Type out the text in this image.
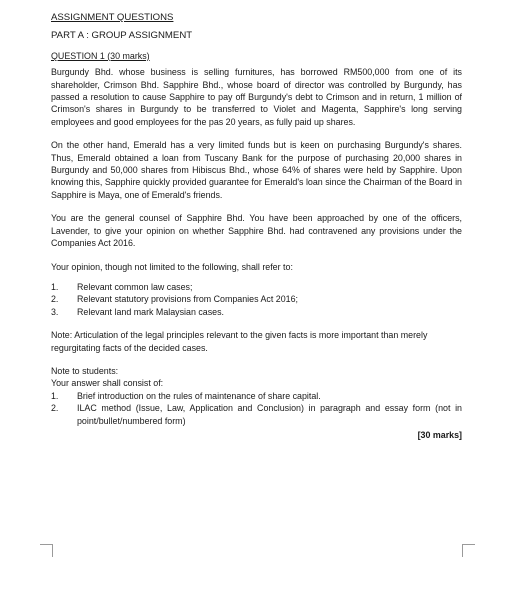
ASSIGNMENT QUESTIONS

PART A : GROUP ASSIGNMENT

QUESTION 1 (30 marks)

Burgundy Bhd. whose business is selling furnitures, has borrowed RM500,000 from one of its shareholder, Crimson Bhd. Sapphire Bhd., whose board of director was controlled by Burgundy, has passed a resolution to cause Sapphire to pay off Burgundy's debt to Crimson and in return, 1 million of Crimson's shares in Burgundy to be transferred to Violet and Magenta, Sapphire's long serving employees and good employees for the pas 20 years, as fully paid up shares.

On the other hand, Emerald has a very limited funds but is keen on purchasing Burgundy's shares. Thus, Emerald obtained a loan from Tuscany Bank for the purpose of purchasing 20,000 shares in Burgundy and 50,000 shares from Hibiscus Bhd., whose 64% of shares were held by Sapphire. Upon knowing this, Sapphire quickly provided guarantee for Emerald's loan since the Chairman of the Board in Sapphire is Maya, one of Emerald's friends.

You are the general counsel of Sapphire Bhd. You have been approached by one of the officers, Lavender, to give your opinion on whether Sapphire Bhd. had contravened any provisions under the Companies Act 2016.

Your opinion, though not limited to the following, shall refer to:

1.	Relevant common law cases;
2.	Relevant statutory provisions from Companies Act 2016;
3.	Relevant land mark Malaysian cases.

Note: Articulation of the legal principles relevant to the given facts is more important than merely regurgitating facts of the decided cases.

Note to students:

Your answer shall consist of:

1.	Brief introduction on the rules of maintenance of share capital.
2.	ILAC method (Issue, Law, Application and Conclusion) in paragraph and essay form (not in point/bullet/numbered form)

[30 marks]
